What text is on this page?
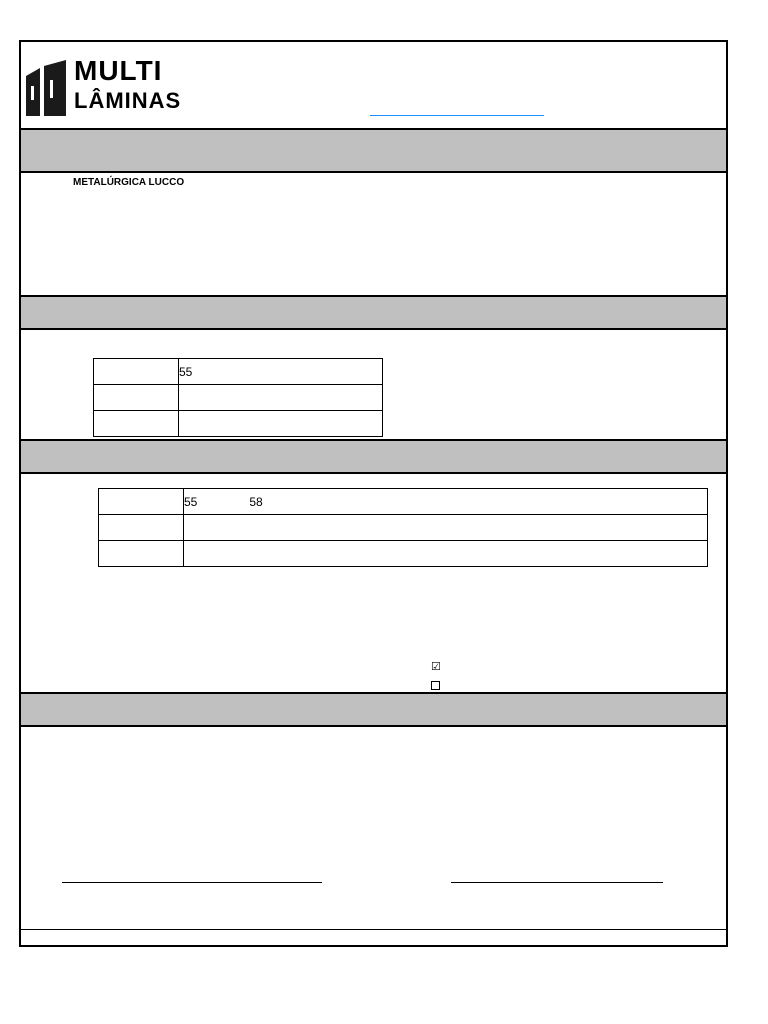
MULTI
LÂMINAS
METALÚRGICA LUCCO
	55

	55 58

☑
